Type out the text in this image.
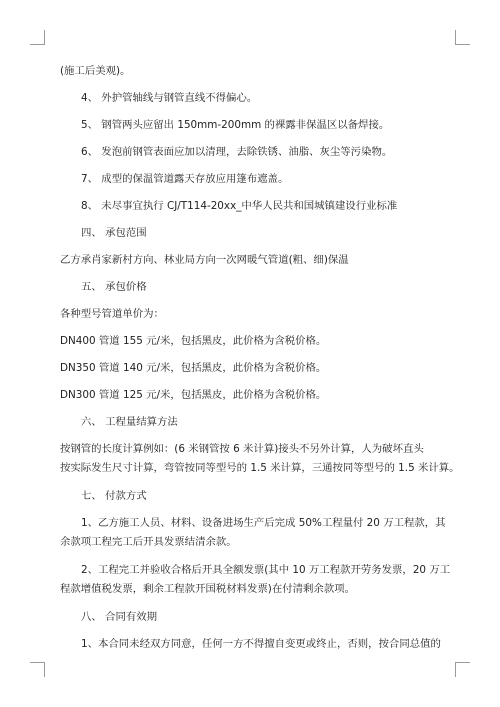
(施工后美观)。
4、 外护管轴线与钢管直线不得偏心。
5、 钢管两头应留出 150mm-200mm 的裸露非保温区以备焊接。
6、 发泡前钢管表面应加以清理，去除铁锈、油脂、灰尘等污染物。
7、 成型的保温管道露天存放应用篷布遮盖。
8、 未尽事宜执行 CJ/T114-20xx_中华人民共和国城镇建设行业标准
四、 承包范围
乙方承肖家新村方向、林业局方向一次网暖气管道(粗、细)保温
五、 承包价格
各种型号管道单价为：
DN400 管道 155 元/米，包括黑皮，此价格为含税价格。
DN350 管道 140 元/米，包括黑皮，此价格为含税价格。
DN300 管道 125 元/米，包括黑皮，此价格为含税价格。
六、 工程量结算方法
按钢管的长度计算例如：(6 米钢管按 6 米计算)接头不另外计算，人为破坏直头
按实际发生尺寸计算，弯管按同等型号的 1.5 米计算，三通按同等型号的 1.5 米计算。
七、 付款方式
1、乙方施工人员、材料、设备进场生产后完成 50%工程量付 20 万工程款，其
余款项工程完工后开具发票结清余款。
2、工程完工并验收合格后开具全额发票(其中 10 万工程款开劳务发票，20 万工
程款增值税发票，剩余工程款开国税材料发票)在付清剩余款项。
八、 合同有效期
1、本合同未经双方同意，任何一方不得擅自变更或终止，否则，按合同总值的
